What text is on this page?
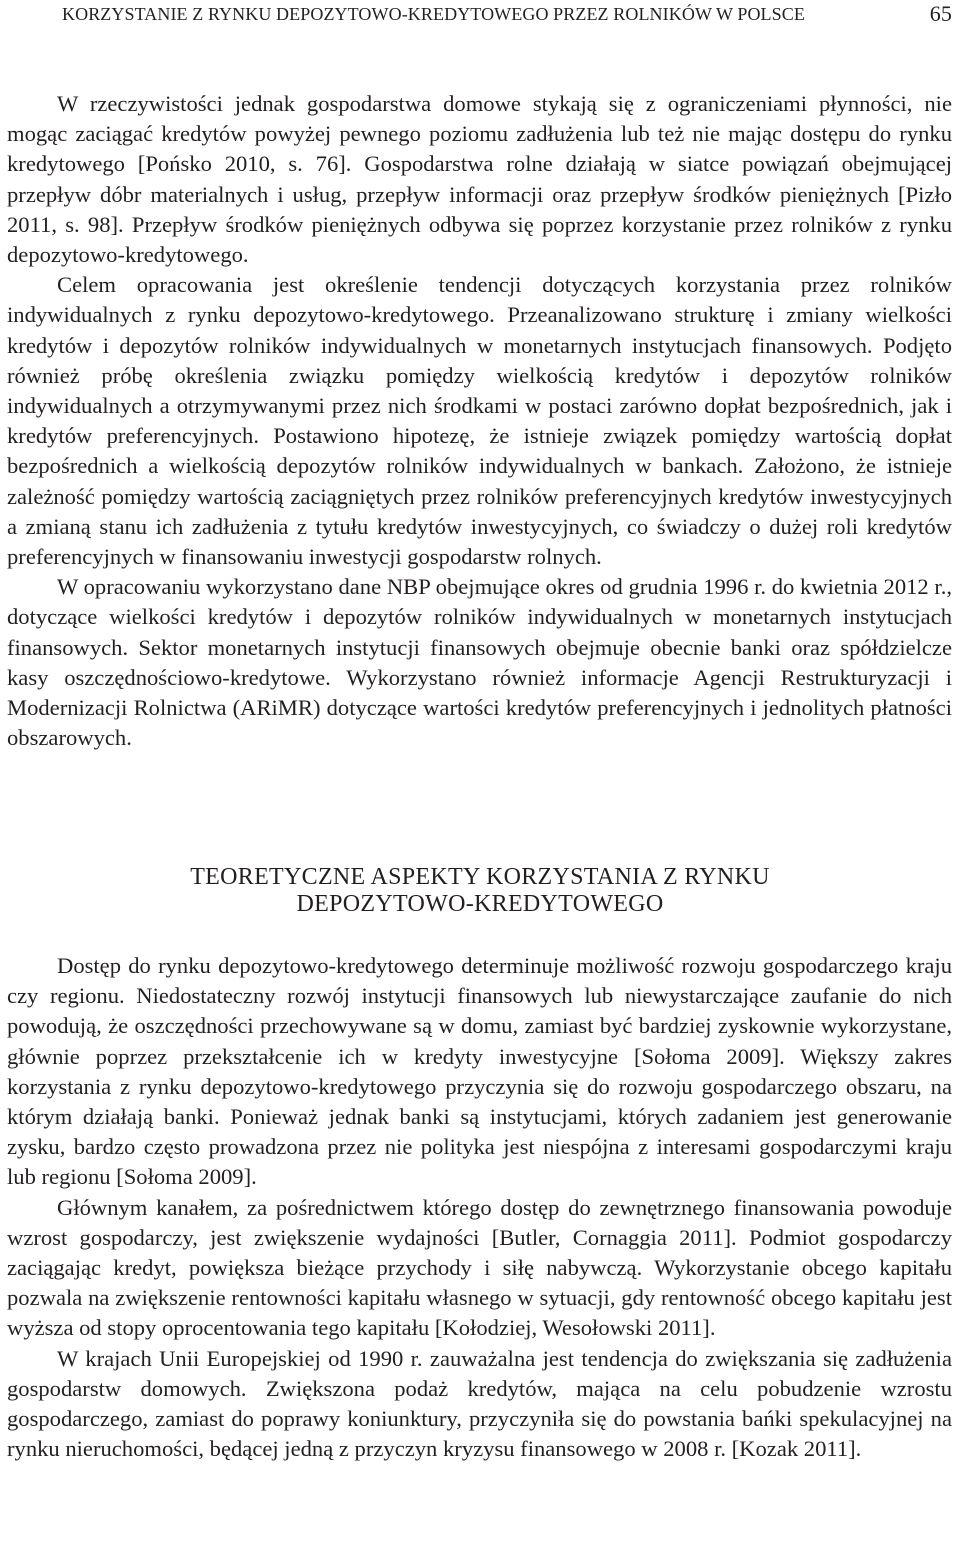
KORZYSTANIE Z RYNKU DEPOZYTOWO-KREDYTOWEGO PRZEZ ROLNIKÓW W POLSCE	65

W rzeczywistości jednak gospodarstwa domowe stykają się z ograniczeniami płynności, nie mogąc zaciągać kredytów powyżej pewnego poziomu zadłużenia lub też nie mając dostępu do rynku kredytowego [Pońsko 2010, s. 76]. Gospodarstwa rolne działają w siatce powiązań obejmującej przepływ dóbr materialnych i usług, przepływ informacji oraz przepływ środków pieniężnych [Pizło 2011, s. 98]. Przepływ środków pieniężnych odbywa się poprzez korzystanie przez rolników z rynku depozytowo-kredytowego.

Celem opracowania jest określenie tendencji dotyczących korzystania przez rolników indywidualnych z rynku depozytowo-kredytowego. Przeanalizowano strukturę i zmiany wielkości kredytów i depozytów rolników indywidualnych w monetarnych instytucjach finansowych. Podjęto również próbę określenia związku pomiędzy wielkością kredytów i depozytów rolników indywidualnych a otrzymywanymi przez nich środkami w postaci zarówno dopłat bezpośrednich, jak i kredytów preferencyjnych. Postawiono hipotezę, że istnieje związek pomiędzy wartością dopłat bezpośrednich a wielkością depozytów rolników indywidualnych w bankach. Założono, że istnieje zależność pomiędzy wartością zaciągniętych przez rolników preferencyjnych kredytów inwestycyjnych a zmianą stanu ich zadłużenia z tytułu kredytów inwestycyjnych, co świadczy o dużej roli kredytów preferencyjnych w finansowaniu inwestycji gospodarstw rolnych.

W opracowaniu wykorzystano dane NBP obejmujące okres od grudnia 1996 r. do kwietnia 2012 r., dotyczące wielkości kredytów i depozytów rolników indywidualnych w monetarnych instytucjach finansowych. Sektor monetarnych instytucji finansowych obejmuje obecnie banki oraz spółdzielcze kasy oszczędnościowo-kredytowe. Wykorzystano również informacje Agencji Restrukturyzacji i Modernizacji Rolnictwa (ARiMR) dotyczące wartości kredytów preferencyjnych i jednolitych płatności obszarowych.

TEORETYCZNE ASPEKTY KORZYSTANIA Z RYNKU
DEPOZYTOWO-KREDYTOWEGO

Dostęp do rynku depozytowo-kredytowego determinuje możliwość rozwoju gospodarczego kraju czy regionu. Niedostateczny rozwój instytucji finansowych lub niewystarczające zaufanie do nich powodują, że oszczędności przechowywane są w domu, zamiast być bardziej zyskownie wykorzystane, głównie poprzez przekształcenie ich w kredyty inwestycyjne [Sołoma 2009]. Większy zakres korzystania z rynku depozytowo-kredytowego przyczynia się do rozwoju gospodarczego obszaru, na którym działają banki. Ponieważ jednak banki są instytucjami, których zadaniem jest generowanie zysku, bardzo często prowadzona przez nie polityka jest niespójna z interesami gospodarczymi kraju lub regionu [Sołoma 2009].

Głównym kanałem, za pośrednictwem którego dostęp do zewnętrznego finansowania powoduje wzrost gospodarczy, jest zwiększenie wydajności [Butler, Cornaggia 2011]. Podmiot gospodarczy zaciągając kredyt, powiększa bieżące przychody i siłę nabywczą. Wykorzystanie obcego kapitału pozwala na zwiększenie rentowności kapitału własnego w sytuacji, gdy rentowność obcego kapitału jest wyższa od stopy oprocentowania tego kapitału [Kołodziej, Wesołowski 2011].

W krajach Unii Europejskiej od 1990 r. zauważalna jest tendencja do zwiększania się zadłużenia gospodarstw domowych. Zwiększona podaż kredytów, mająca na celu pobudzenie wzrostu gospodarczego, zamiast do poprawy koniunktury, przyczyniła się do powstania bańki spekulacyjnej na rynku nieruchomości, będącej jedną z przyczyn kryzysu finansowego w 2008 r. [Kozak 2011].
